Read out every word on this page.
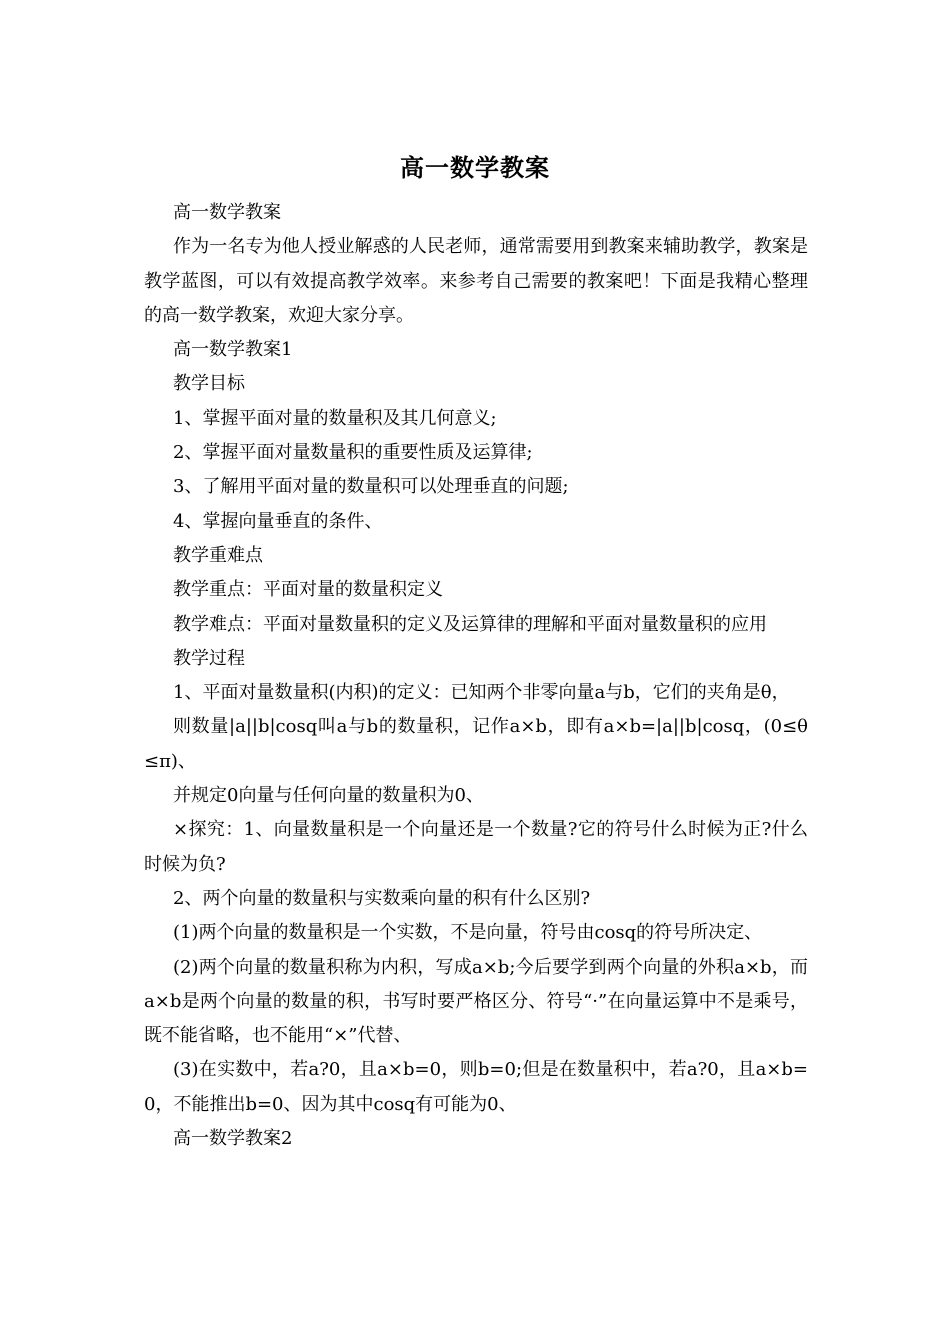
高一数学教案

高一数学教案

作为一名专为他人授业解惑的人民老师，通常需要用到教案来辅助教学，教案是教学蓝图，可以有效提高教学效率。来参考自己需要的教案吧！下面是我精心整理的高一数学教案，欢迎大家分享。

高一数学教案1

教学目标

1、掌握平面对量的数量积及其几何意义;

2、掌握平面对量数量积的重要性质及运算律;

3、了解用平面对量的数量积可以处理垂直的问题;

4、掌握向量垂直的条件、

教学重难点

教学重点：平面对量的数量积定义

教学难点：平面对量数量积的定义及运算律的理解和平面对量数量积的应用

教学过程

1、平面对量数量积(内积)的定义：已知两个非零向量a与b，它们的夹角是θ，

则数量|a||b|cosq叫a与b的数量积，记作a×b，即有a×b=|a||b|cosq，(0≤θ≤π)、

并规定0向量与任何向量的数量积为0、

×探究：1、向量数量积是一个向量还是一个数量?它的符号什么时候为正?什么时候为负?

2、两个向量的数量积与实数乘向量的积有什么区别?

(1)两个向量的数量积是一个实数，不是向量，符号由cosq的符号所决定、

(2)两个向量的数量积称为内积，写成a×b;今后要学到两个向量的外积a×b，而a×b是两个向量的数量的积，书写时要严格区分、符号“·”在向量运算中不是乘号，既不能省略，也不能用“×”代替、

(3)在实数中，若a?0，且a×b=0，则b=0;但是在数量积中，若a?0，且a×b=0，不能推出b=0、因为其中cosq有可能为0、

高一数学教案2
